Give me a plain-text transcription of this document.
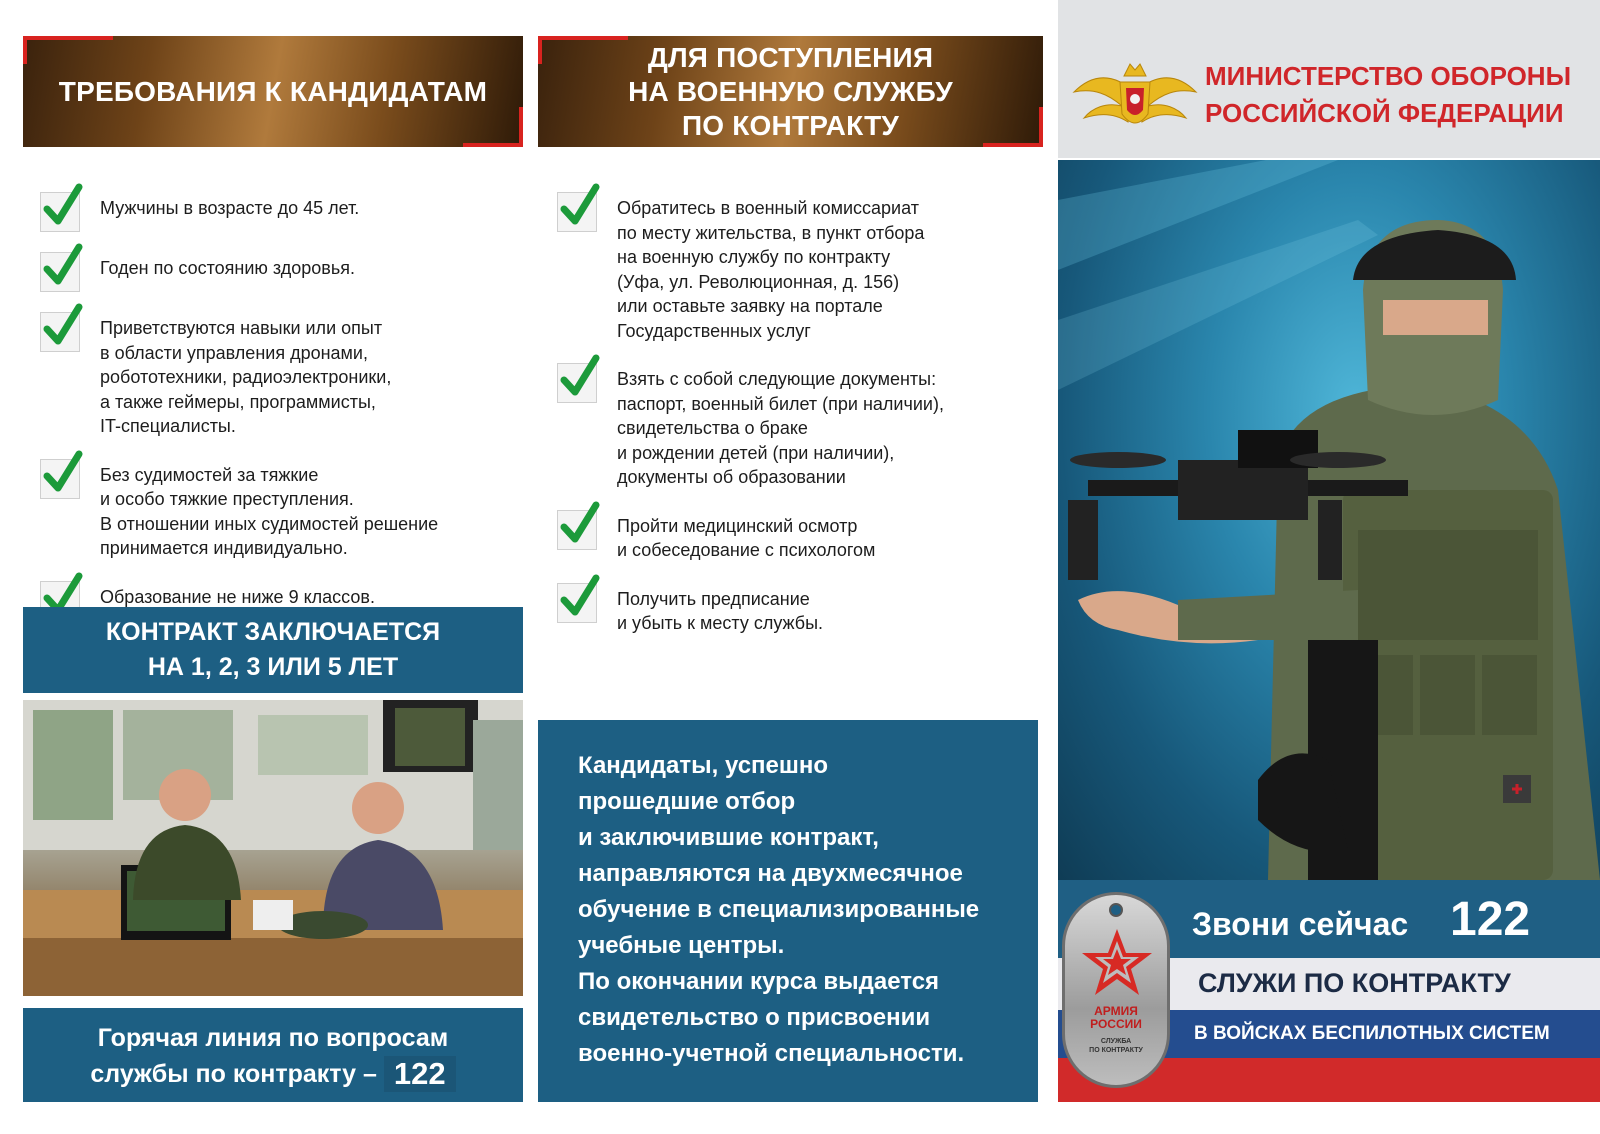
ТРЕБОВАНИЯ К КАНДИДАТАМ
Мужчины в возрасте до 45 лет.
Годен по состоянию здоровья.
Приветствуются навыки или опыт
в области управления дронами,
робототехники, радиоэлектроники,
а также геймеры, программисты,
IT-специалисты.
Без судимостей за тяжкие
и особо тяжкие преступления.
В отношении иных судимостей решение
принимается индивидуально.
Образование не ниже 9 классов.
КОНТРАКТ ЗАКЛЮЧАЕТСЯ
НА 1, 2, 3 ИЛИ 5 ЛЕТ
Горячая линия по вопросам
службы по контракту – 122
ДЛЯ ПОСТУПЛЕНИЯ
НА ВОЕННУЮ СЛУЖБУ
ПО КОНТРАКТУ
Обратитесь в военный комиссариат
по месту жительства, в пункт отбора
на военную службу по контракту
(Уфа, ул. Революционная, д. 156)
или оставьте заявку на портале
Государственных услуг
Взять с собой следующие документы:
паспорт, военный билет (при наличии),
свидетельства о браке
и рождении детей (при наличии),
документы об образовании
Пройти медицинский осмотр
и собеседование с психологом
Получить предписание
и убыть к месту службы.
Кандидаты, успешно
прошедшие отбор
и заключившие контракт,
направляются на двухмесячное
обучение в специализированные
учебные центры.
По окончании курса выдается
свидетельство о присвоении
военно-учетной специальности.
МИНИСТЕРСТВО ОБОРОНЫ
РОССИЙСКОЙ ФЕДЕРАЦИИ
Звони сейчас 122
СЛУЖИ ПО КОНТРАКТУ
В ВОЙСКАХ БЕСПИЛОТНЫХ СИСТЕМ
АРМИЯ
РОССИИ
СЛУЖБА
ПО КОНТРАКТУ
